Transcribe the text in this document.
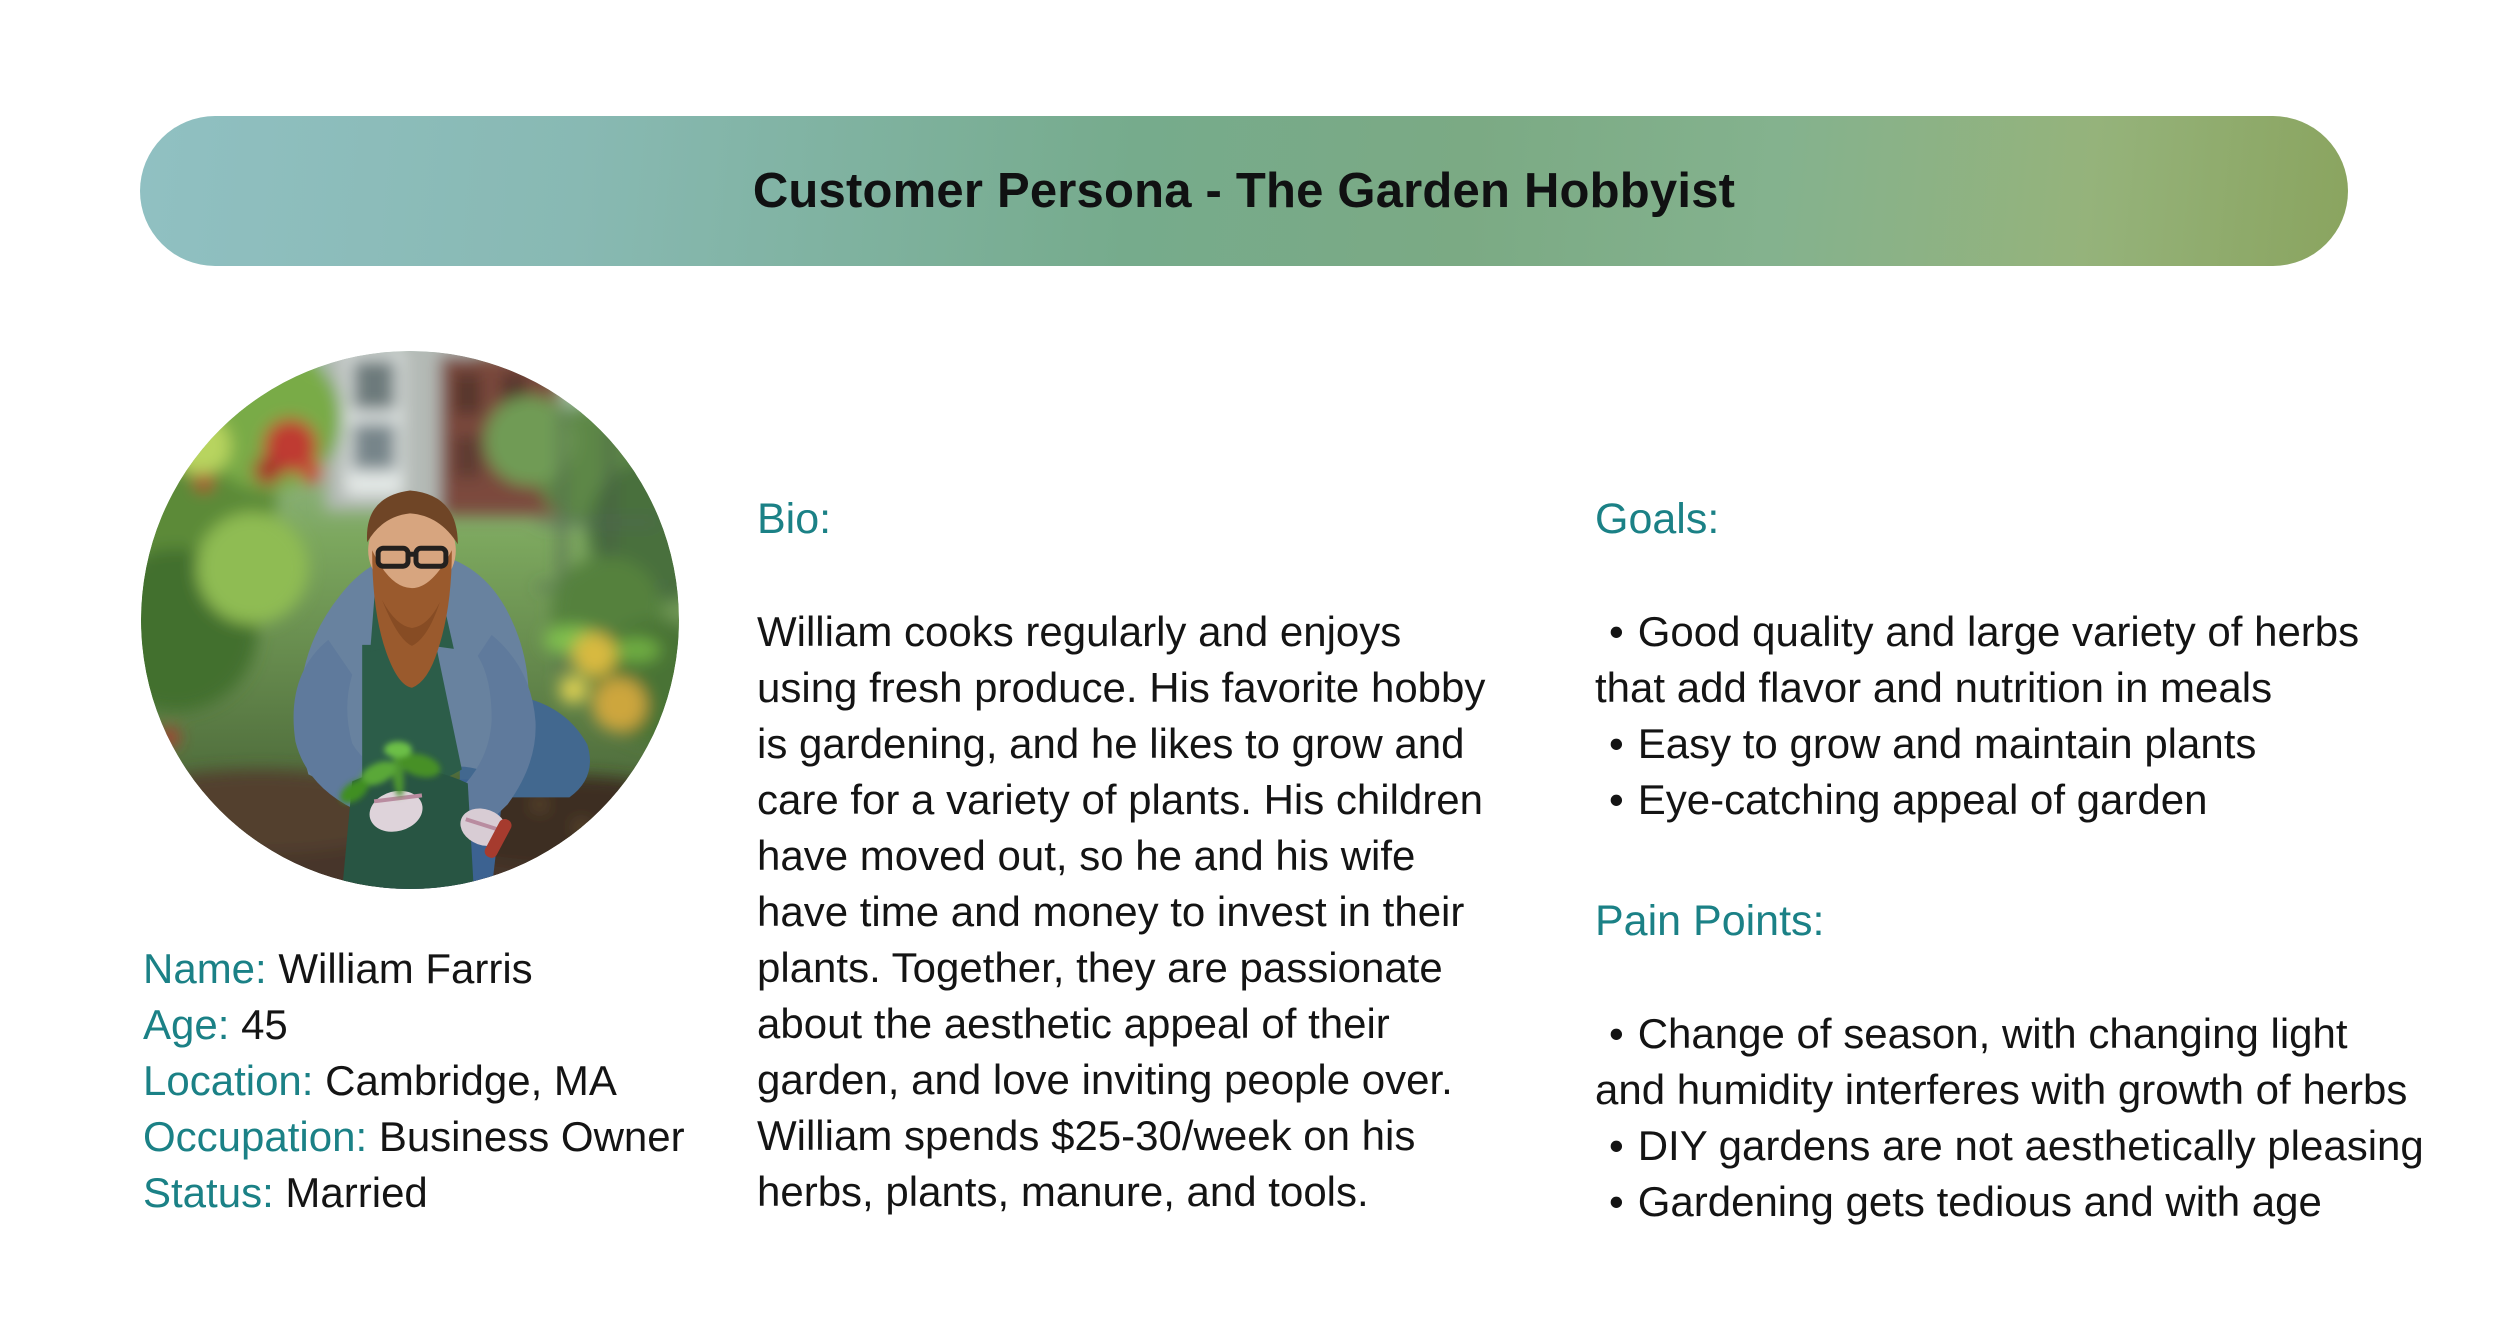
Customer Persona - The Garden Hobbyist
Name: William Farris
Age: 45
Location: Cambridge, MA
Occupation: Business Owner
Status: Married
Bio:

William cooks regularly and enjoys using fresh produce. His favorite hobby is gardening, and he likes to grow and care for a variety of plants. His children have moved out, so he and his wife have time and money to invest in their plants. Together, they are passionate about the aesthetic appeal of their garden, and love inviting people over. William spends $25-30/week on his herbs, plants, manure, and tools.

Goals:

• Good quality and large variety of herbs that add flavor and nutrition in meals

• Easy to grow and maintain plants

• Eye-catching appeal of garden

Pain Points:

• Change of season, with changing light and humidity interferes with growth of herbs

• DIY gardens are not aesthetically pleasing

• Gardening gets tedious and with age
